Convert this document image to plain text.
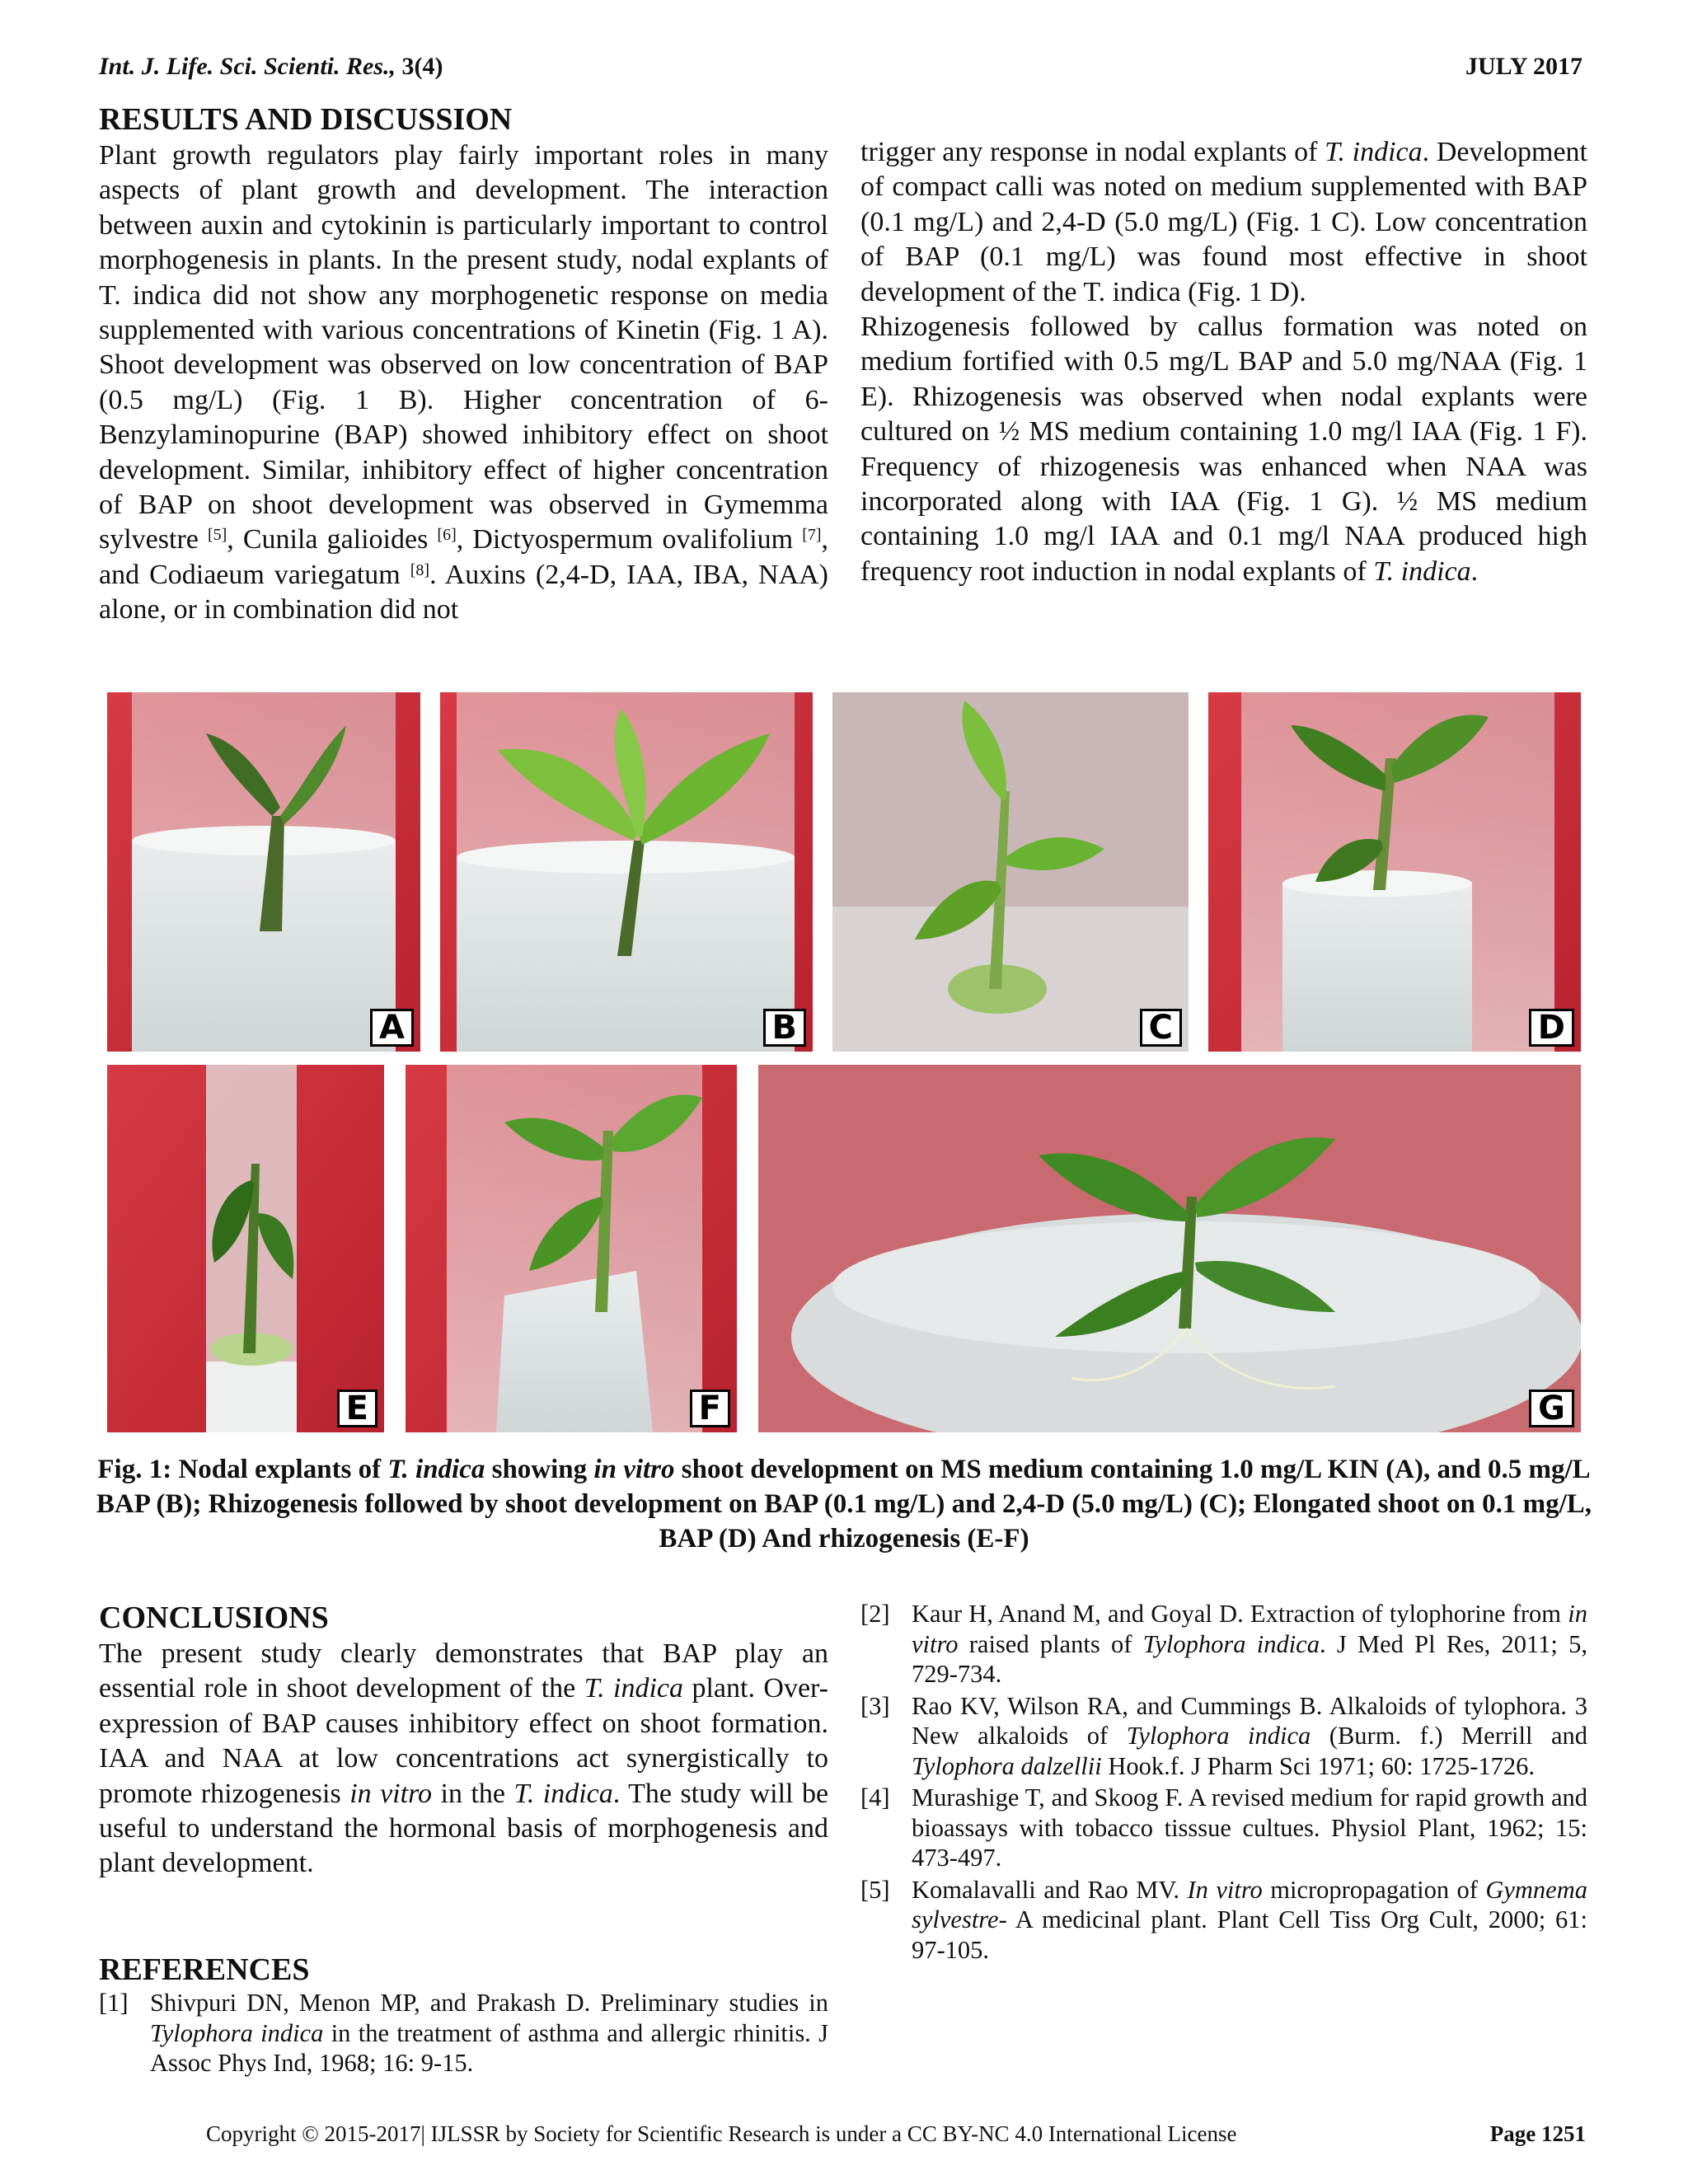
Int. J. Life. Sci. Scienti. Res., 3(4)	JULY 2017
RESULTS AND DISCUSSION

Plant growth regulators play fairly important roles in many aspects of plant growth and development. The interaction between auxin and cytokinin is particularly important to control morphogenesis in plants. In the present study, nodal explants of T. indica did not show any morphogenetic response on media supplemented with various concentrations of Kinetin (Fig. 1 A). Shoot development was observed on low concentration of BAP (0.5 mg/L) (Fig. 1 B). Higher concentration of 6-Benzylaminopurine (BAP) showed inhibitory effect on shoot development. Similar, inhibitory effect of higher concentration of BAP on shoot development was observed in Gymemma sylvestre [5], Cunila galioides [6], Dictyospermum ovalifolium [7], and Codiaeum variegatum [8]. Auxins (2,4-D, IAA, IBA, NAA) alone, or in combination did not

trigger any response in nodal explants of T. indica. Development of compact calli was noted on medium supplemented with BAP (0.1 mg/L) and 2,4-D (5.0 mg/L) (Fig. 1 C). Low concentration of BAP (0.1 mg/L) was found most effective in shoot development of the T. indica (Fig. 1 D).

Rhizogenesis followed by callus formation was noted on medium fortified with 0.5 mg/L BAP and 5.0 mg/NAA (Fig. 1 E). Rhizogenesis was observed when nodal explants were cultured on ½ MS medium containing 1.0 mg/l IAA (Fig. 1 F). Frequency of rhizogenesis was enhanced when NAA was incorporated along with IAA (Fig. 1 G). ½ MS medium containing 1.0 mg/l IAA and 0.1 mg/l NAA produced high frequency root induction in nodal explants of T. indica.

A	B	C	D
E	F	G
Fig. 1: Nodal explants of T. indica showing in vitro shoot development on MS medium containing 1.0 mg/L KIN (A), and 0.5 mg/L BAP (B); Rhizogenesis followed by shoot development on BAP (0.1 mg/L) and 2,4-D (5.0 mg/L) (C); Elongated shoot on 0.1 mg/L, BAP (D) And rhizogenesis (E-F)
CONCLUSIONS

The present study clearly demonstrates that BAP play an essential role in shoot development of the T. indica plant. Over-expression of BAP causes inhibitory effect on shoot formation. IAA and NAA at low concentrations act synergistically to promote rhizogenesis in vitro in the T. indica. The study will be useful to understand the hormonal basis of morphogenesis and plant development.

REFERENCES
[1] Shivpuri DN, Menon MP, and Prakash D. Preliminary studies in Tylophora indica in the treatment of asthma and allergic rhinitis. J Assoc Phys Ind, 1968; 16: 9-15.
[2] Kaur H, Anand M, and Goyal D. Extraction of tylophorine from in vitro raised plants of Tylophora indica. J Med Pl Res, 2011; 5, 729-734.
[3] Rao KV, Wilson RA, and Cummings B. Alkaloids of tylophora. 3 New alkaloids of Tylophora indica (Burm. f.) Merrill and Tylophora dalzellii Hook.f. J Pharm Sci 1971; 60: 1725-1726.
[4] Murashige T, and Skoog F. A revised medium for rapid growth and bioassays with tobacco tisssue cultues. Physiol Plant, 1962; 15: 473-497.
[5] Komalavalli and Rao MV. In vitro micropropagation of Gymnema sylvestre- A medicinal plant. Plant Cell Tiss Org Cult, 2000; 61: 97-105.
Copyright © 2015-2017| IJLSSR by Society for Scientific Research is under a CC BY-NC 4.0 International License	Page 1251
